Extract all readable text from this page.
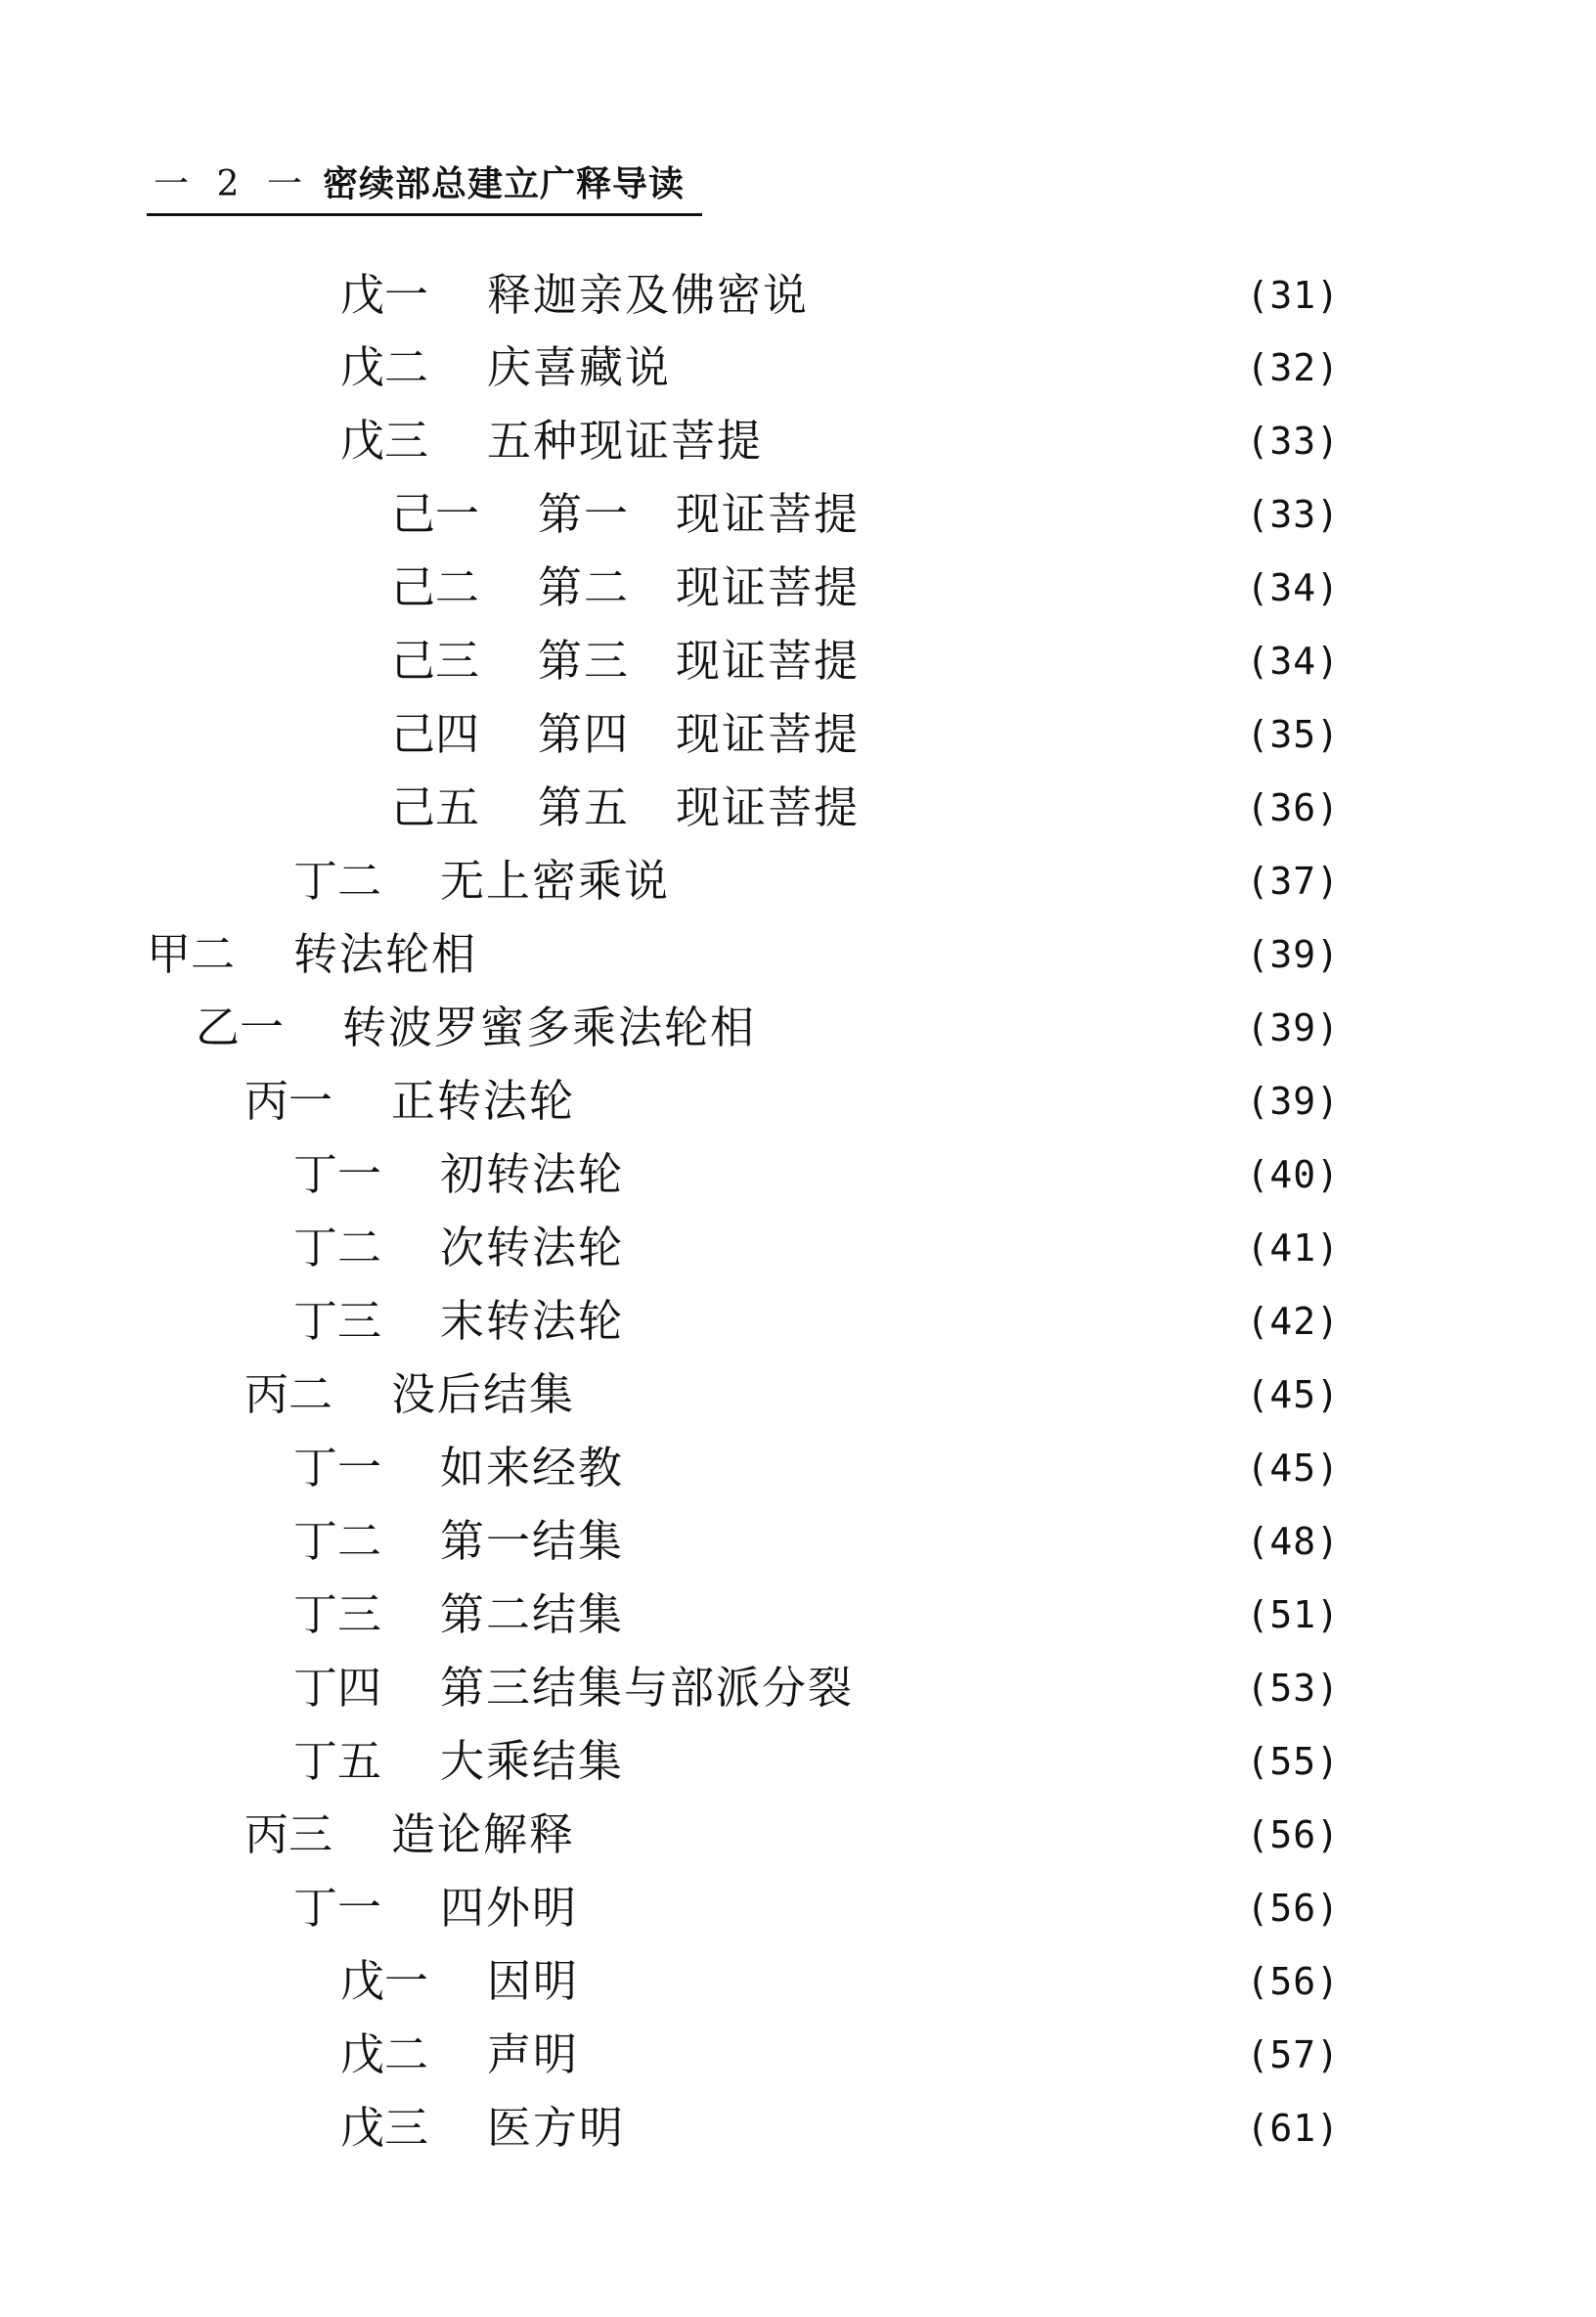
一 2 一 密续部总建立广释导读
戊一	释迦亲及佛密说	(31)
戊二	庆喜藏说	(32)
戊三	五种现证菩提	(33)
己一	第一　现证菩提	(33)
己二	第二　现证菩提	(34)
己三	第三　现证菩提	(34)
己四	第四　现证菩提	(35)
己五	第五　现证菩提	(36)
丁二	无上密乘说	(37)
甲二	转法轮相	(39)
乙一	转波罗蜜多乘法轮相	(39)
丙一	正转法轮	(39)
丁一	初转法轮	(40)
丁二	次转法轮	(41)
丁三	末转法轮	(42)
丙二	没后结集	(45)
丁一	如来经教	(45)
丁二	第一结集	(48)
丁三	第二结集	(51)
丁四	第三结集与部派分裂	(53)
丁五	大乘结集	(55)
丙三	造论解释	(56)
丁一	四外明	(56)
戊一	因明	(56)
戊二	声明	(57)
戊三	医方明	(61)
